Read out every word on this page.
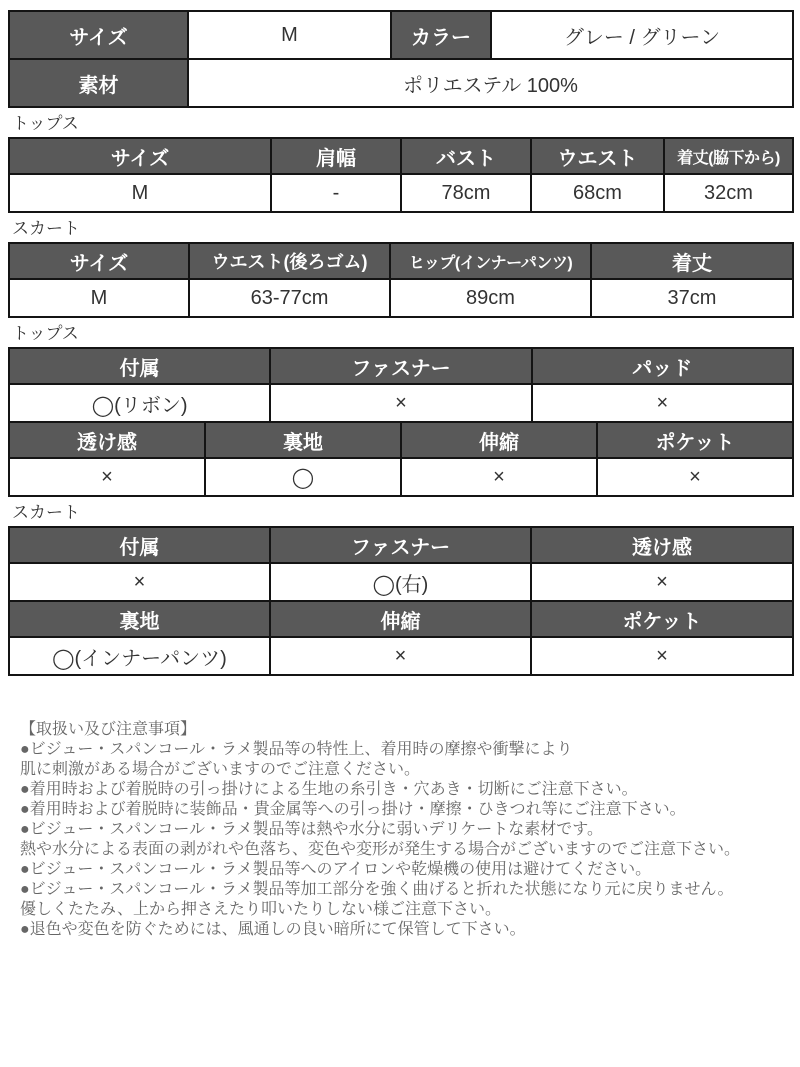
サイズ	M	カラー	グレー / グリーン
素材	ポリエステル 100%		
トップス
サイズ	肩幅	バスト	ウエスト	着丈(脇下から)
M	-	78cm	68cm	32cm
スカート
サイズ	ウエスト(後ろゴム)	ヒップ(インナーパンツ)	着丈
M	63-77cm	89cm	37cm
トップス
付属		ファスナー		パッド	
◯(リボン)		×		×	
透け感	裏地		伸縮		ポケット
×	◯		×		×
スカート
付属	ファスナー	透け感
×	◯(右)	×
裏地	伸縮	ポケット
◯(インナーパンツ)	×	×
【取扱い及び注意事項】
●ビジュー・スパンコール・ラメ製品等の特性上、着用時の摩擦や衝撃により
肌に刺激がある場合がございますのでご注意ください。
●着用時および着脱時の引っ掛けによる生地の糸引き・穴あき・切断にご注意下さい。
●着用時および着脱時に装飾品・貴金属等への引っ掛け・摩擦・ひきつれ等にご注意下さい。
●ビジュー・スパンコール・ラメ製品等は熱や水分に弱いデリケートな素材です。
熱や水分による表面の剥がれや色落ち、変色や変形が発生する場合がございますのでご注意下さい。
●ビジュー・スパンコール・ラメ製品等へのアイロンや乾燥機の使用は避けてください。
●ビジュー・スパンコール・ラメ製品等加工部分を強く曲げると折れた状態になり元に戻りません。
優しくたたみ、上から押さえたり叩いたりしない様ご注意下さい。
●退色や変色を防ぐためには、風通しの良い暗所にて保管して下さい。
